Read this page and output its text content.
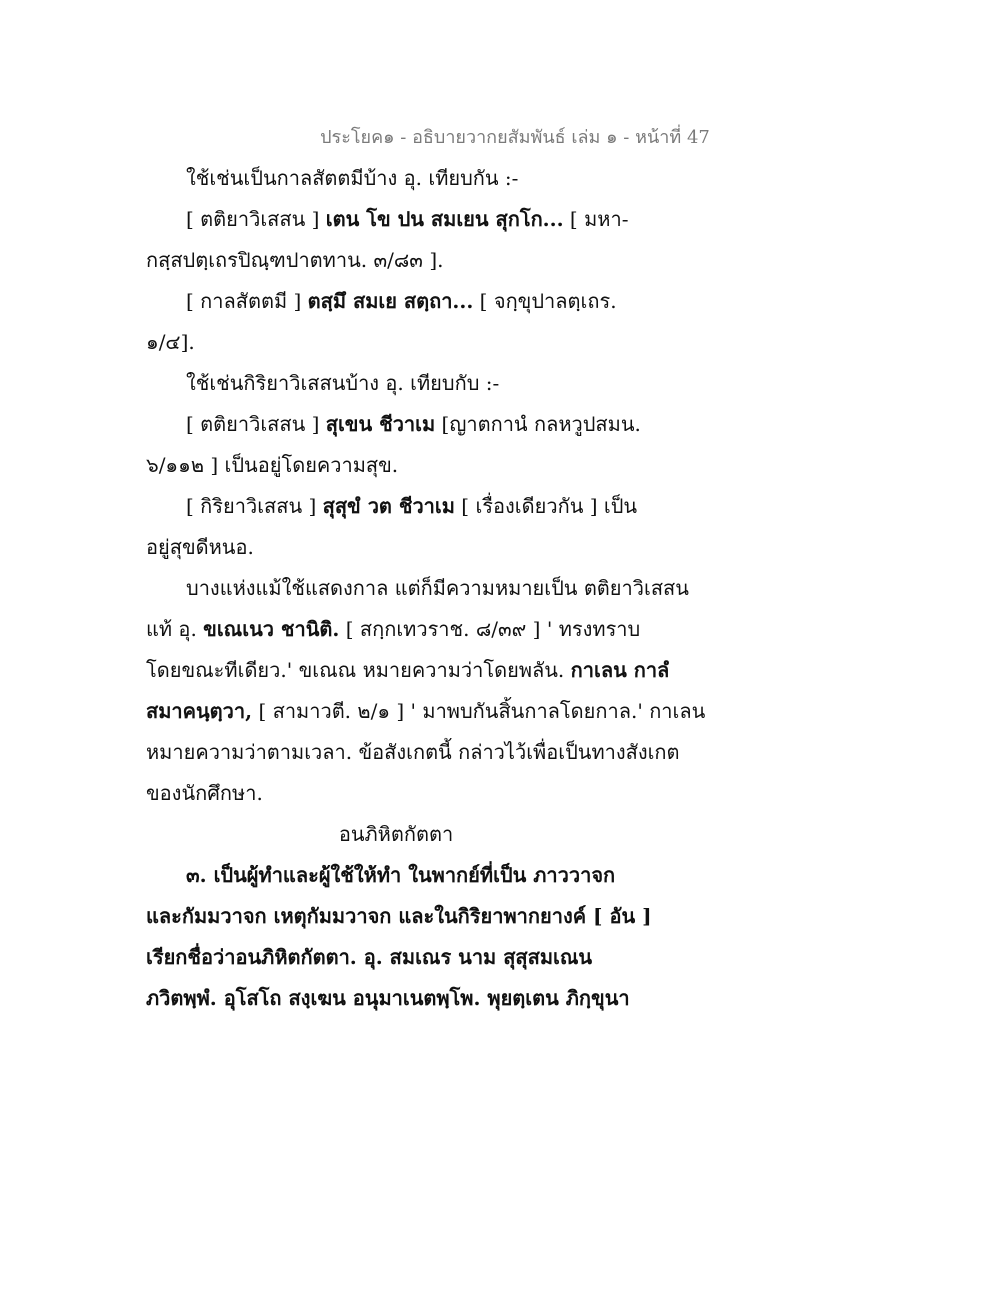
ประโยค๑ - อธิบายวากยสัมพันธ์ เล่ม ๑ - หน้าที่ 47
ใช้เช่นเป็นกาลสัตตมีบ้าง อุ. เทียบกัน :-
[ ตติยาวิเสสน ] เตน โข ปน สมเยน สุกโก... [ มหา-
กสฺสปตฺเถรปิณฺฑปาตทาน. ๓/๘๓ ].
[ กาลสัตตมี ] ตสฺมึ สมเย สตฺถา... [ จกฺขุปาลตฺเถร.
๑/๔].
ใช้เช่นกิริยาวิเสสนบ้าง อุ. เทียบกับ :-
[ ตติยาวิเสสน ] สุเขน ชีวาเม [ญาตกานํ กลหวูปสมน.
๖/๑๑๒ ] เป็นอยู่โดยความสุข.
[ กิริยาวิเสสน ] สุสุขํ วต ชีวาเม [ เรื่องเดียวกัน ] เป็น
อยู่สุขดีหนอ.
บางแห่งแม้ใช้แสดงกาล แต่ก็มีความหมายเป็น ตติยาวิเสสน
แท้ อุ. ขเณเนว ชานิติ. [ สกฺกเทวราช. ๘/๓๙ ] ' ทรงทราบ
โดยขณะทีเดียว.' ขเณณ หมายความว่าโดยพลัน. กาเลน กาลํ
สมาคนฺตฺวา, [ สามาวตี. ๒/๑ ] ' มาพบกันสิ้นกาลโดยกาล.' กาเลน
หมายความว่าตามเวลา. ข้อสังเกตนี้ กล่าวไว้เพื่อเป็นทางสังเกต
ของนักศึกษา.
อนภิหิตกัตตา
๓. เป็นผู้ทำและผู้ใช้ให้ทำ ในพากย์ที่เป็น ภาววาจก
และกัมมวาจก เหตุกัมมวาจก และในกิริยาพากยางค์ [ อัน ]
เรียกชื่อว่าอนภิหิตกัตตา. อุ. สมเณร นาม สุสุสมเณน
ภวิตพฺพํ. อุโสโถ สงฺเฆน อนุมาเนตพฺโพ. พุยตฺเตน ภิกฺขุนา
